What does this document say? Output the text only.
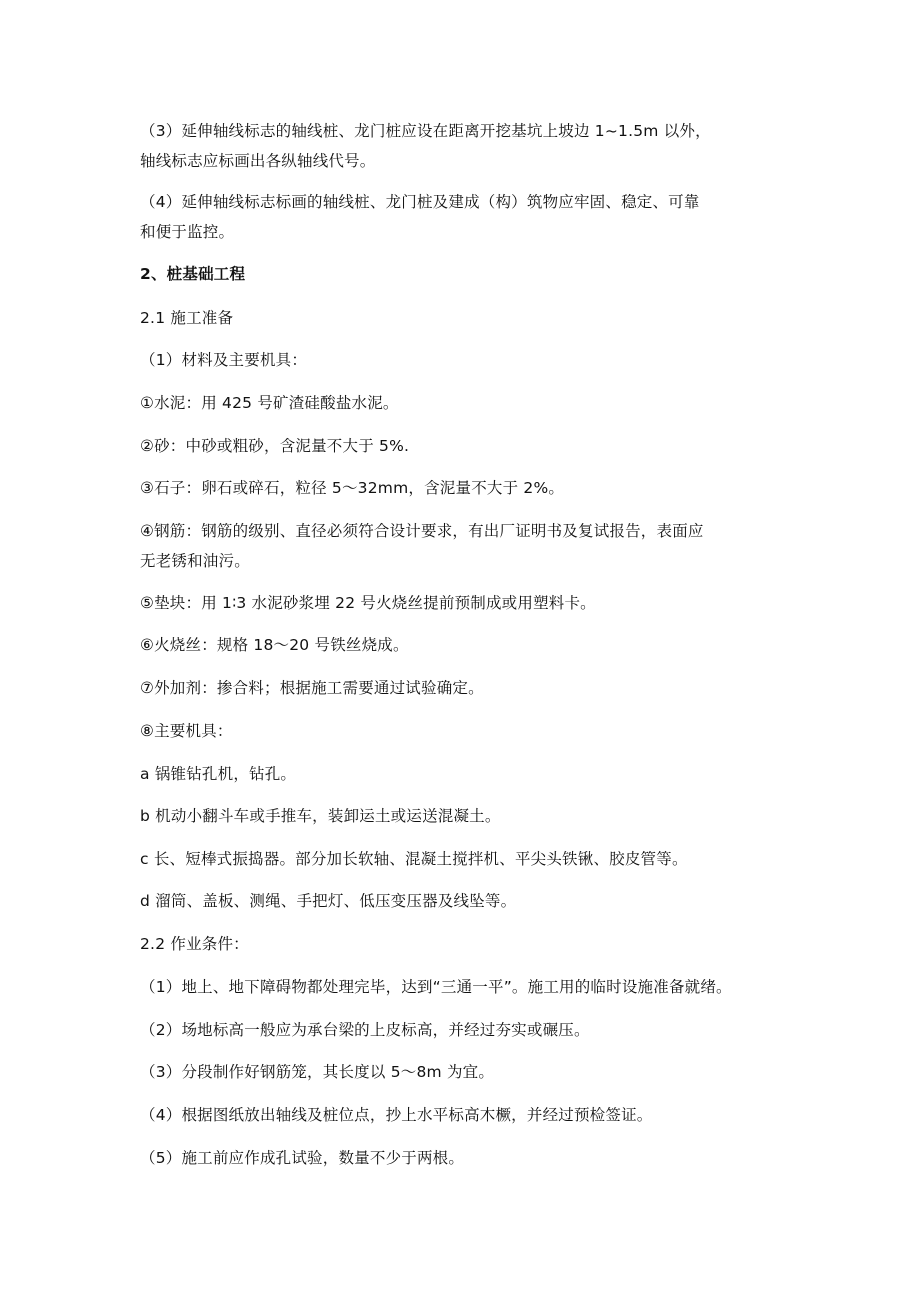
（3）延伸轴线标志的轴线桩、龙门桩应设在距离开挖基坑上坡边 1~1.5m 以外，

轴线标志应标画出各纵轴线代号。

（4）延伸轴线标志标画的轴线桩、龙门桩及建成（构）筑物应牢固、稳定、可靠

和便于监控。

2、桩基础工程

2.1 施工准备

（1）材料及主要机具：

①水泥：用 425 号矿渣硅酸盐水泥。

②砂：中砂或粗砂，含泥量不大于 5%.

③石子：卵石或碎石，粒径 5～32mm，含泥量不大于 2%。

④钢筋：钢筋的级别、直径必须符合设计要求，有出厂证明书及复试报告，表面应

无老锈和油污。

⑤垫块：用 1∶3 水泥砂浆埋 22 号火烧丝提前预制成或用塑料卡。

⑥火烧丝：规格 18～20 号铁丝烧成。

⑦外加剂：掺合料；根据施工需要通过试验确定。

⑧主要机具：

a 锅锥钻孔机，钻孔。

b 机动小翻斗车或手推车，装卸运土或运送混凝土。

c 长、短棒式振捣器。部分加长软轴、混凝土搅拌机、平尖头铁锹、胶皮管等。

d 溜筒、盖板、测绳、手把灯、低压变压器及线坠等。

2.2 作业条件：

（1）地上、地下障碍物都处理完毕，达到“三通一平”。施工用的临时设施准备就绪。

（2）场地标高一般应为承台梁的上皮标高，并经过夯实或碾压。

（3）分段制作好钢筋笼，其长度以 5～8m 为宜。

（4）根据图纸放出轴线及桩位点，抄上水平标高木橛，并经过预检签证。

（5）施工前应作成孔试验，数量不少于两根。
